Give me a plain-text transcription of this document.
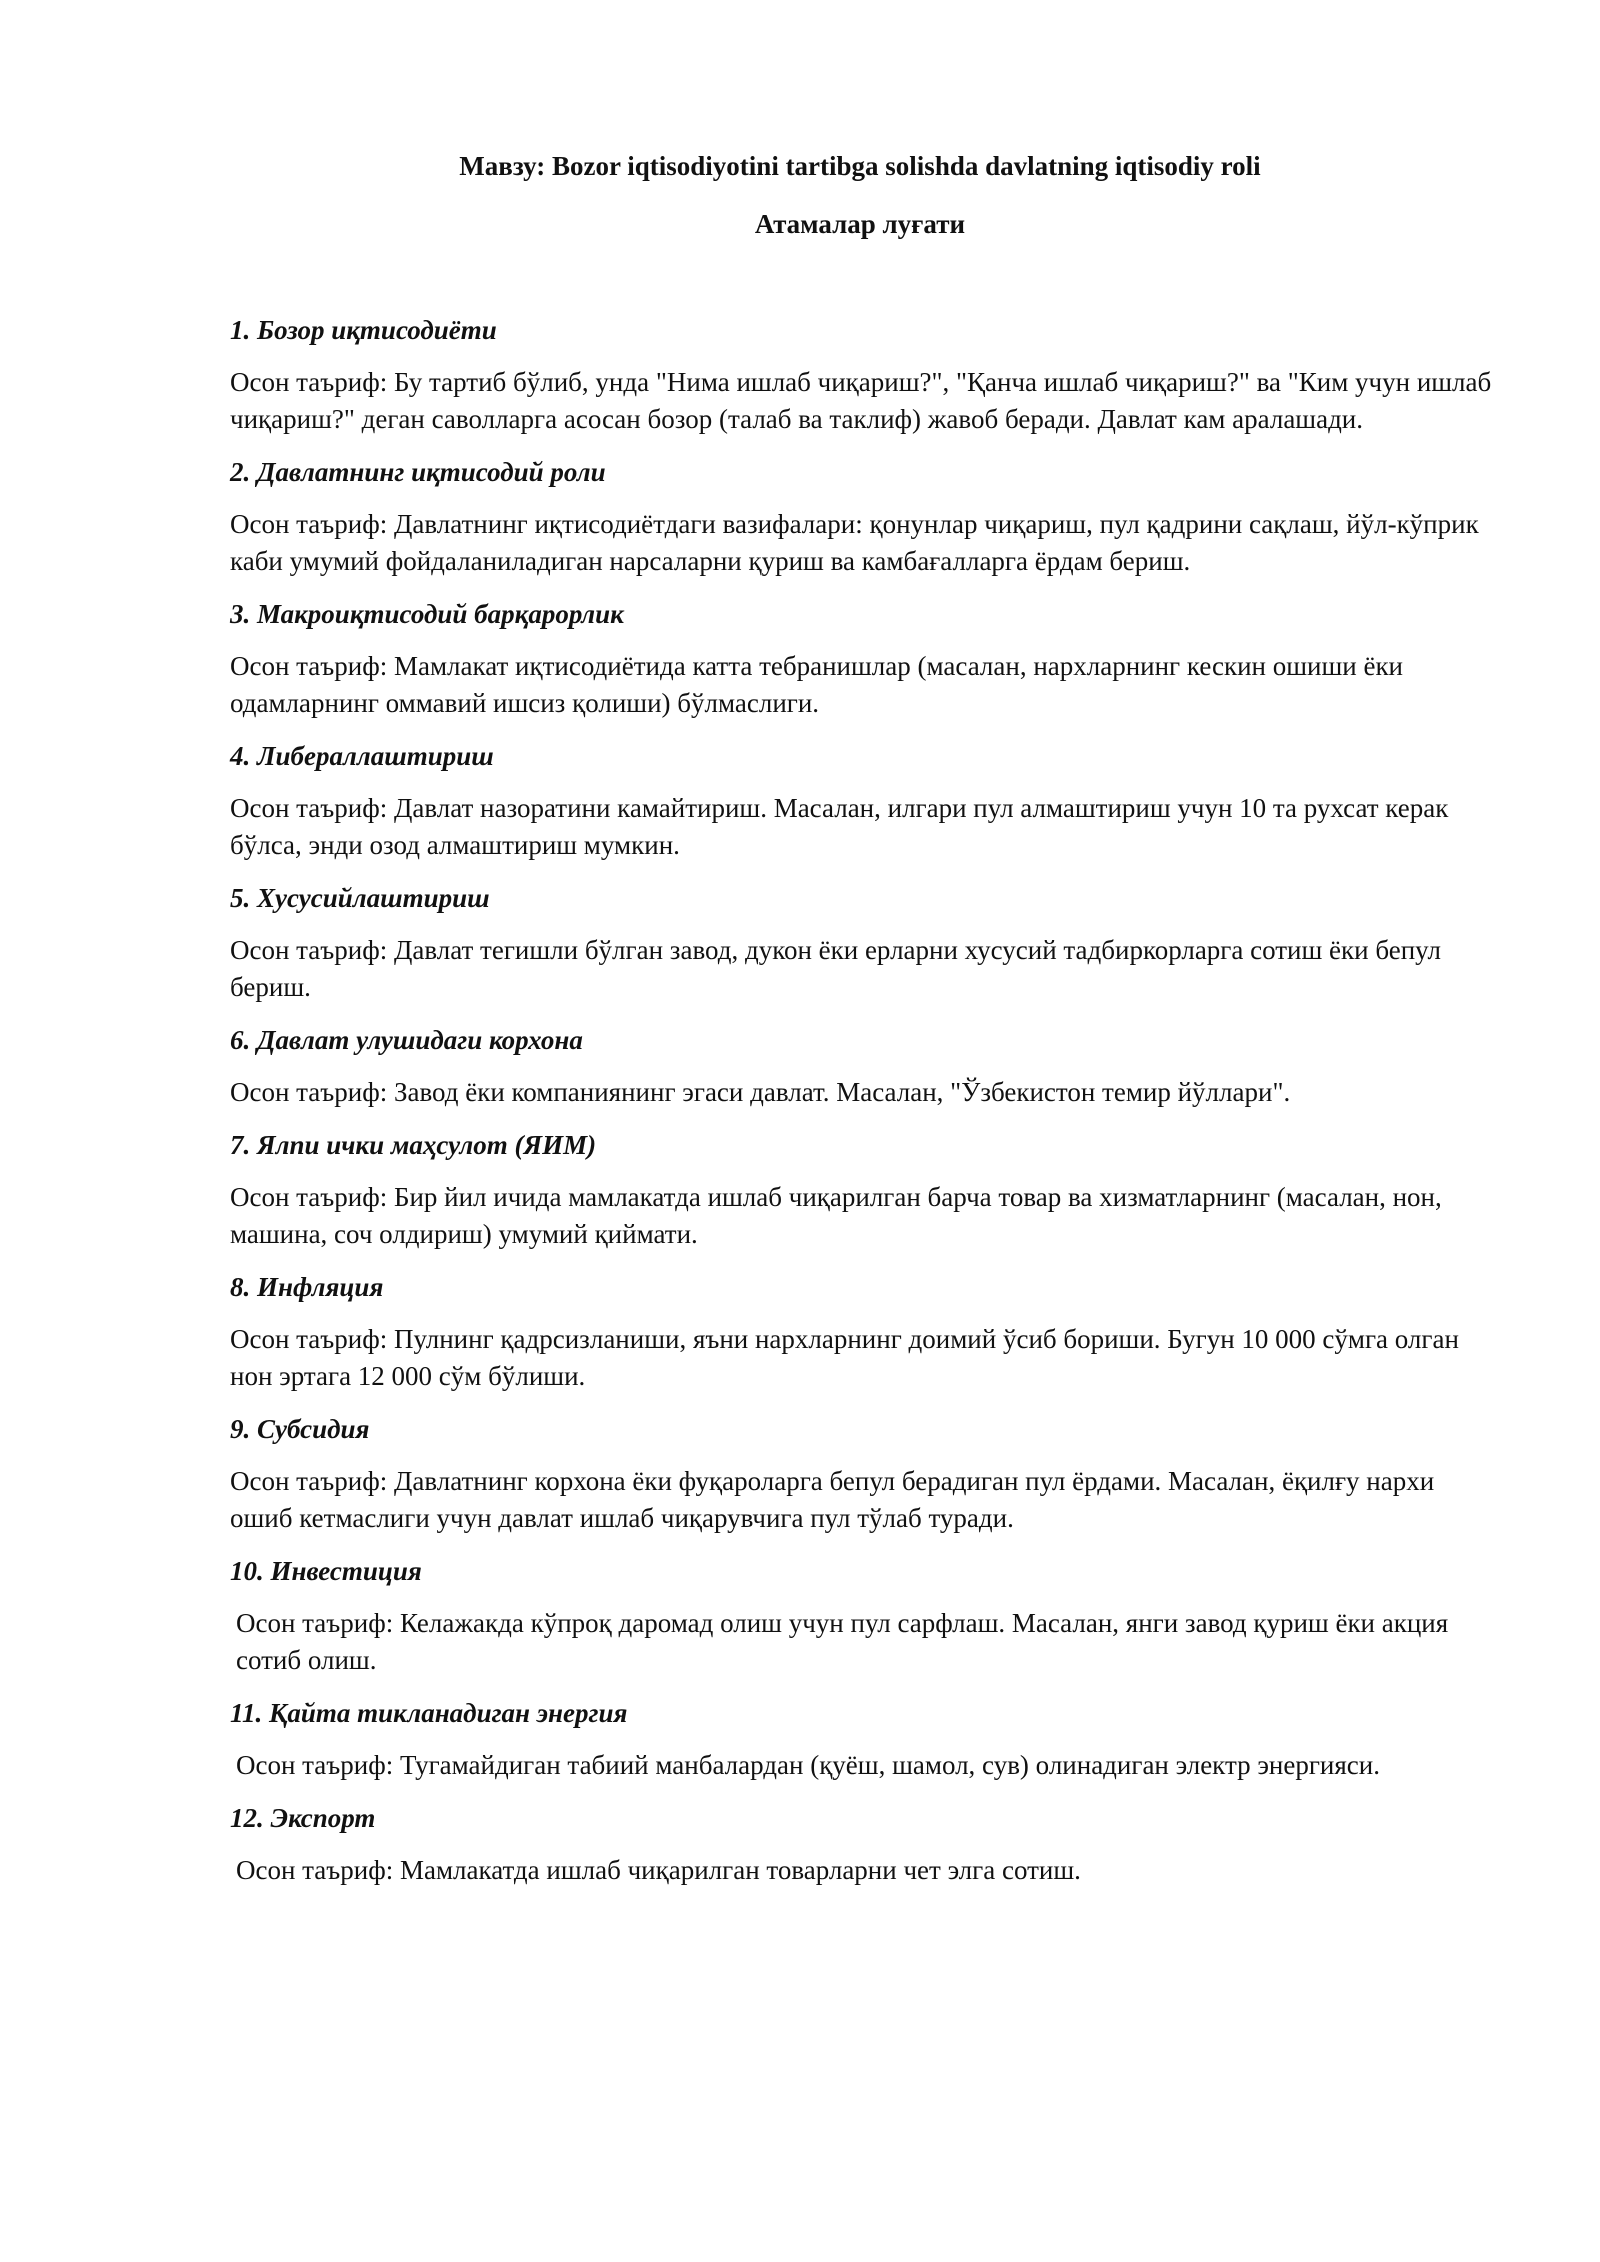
Мавзу: Bozor iqtisodiyotini tartibga solishda davlatning iqtisodiy roli
Атамалар луғати

1. Бозор иқтисодиёти

Осон таъриф: Бу тартиб бўлиб, унда "Нима ишлаб чиқариш?", "Қанча ишлаб чиқариш?" ва "Ким учун ишлаб чиқариш?" деган саволларга асосан бозор (талаб ва таклиф) жавоб беради. Давлат кам аралашади.

2. Давлатнинг иқтисодий роли

Осон таъриф: Давлатнинг иқтисодиётдаги вазифалари: қонунлар чиқариш, пул қадрини сақлаш, йўл-кўприк каби умумий фойдаланиладиган нарсаларни қуриш ва камбағалларга ёрдам бериш.

3. Макроиқтисодий барқарорлик

Осон таъриф: Мамлакат иқтисодиётида катта тебранишлар (масалан, нархларнинг кескин ошиши ёки одамларнинг оммавий ишсиз қолиши) бўлмаслиги.

4. Либераллаштириш

Осон таъриф: Давлат назоратини камайтириш. Масалан, илгари пул алмаштириш учун 10 та рухсат керак бўлса, энди озод алмаштириш мумкин.

5. Хусусийлаштириш

Осон таъриф: Давлат тегишли бўлган завод, дукон ёки ерларни хусусий тадбиркорларга сотиш ёки бепул бериш.

6. Давлат улушидаги корхона

Осон таъриф: Завод ёки компаниянинг эгаси давлат. Масалан, "Ўзбекистон темир йўллари".

7. Ялпи ички маҳсулот (ЯИМ)

Осон таъриф: Бир йил ичида мамлакатда ишлаб чиқарилган барча товар ва хизматларнинг (масалан, нон, машина, соч олдириш) умумий қиймати.

8. Инфляция

Осон таъриф: Пулнинг қадрсизланиши, яъни нархларнинг доимий ўсиб бориши. Бугун 10 000 сўмга олган нон эртага 12 000 сўм бўлиши.

9. Субсидия

Осон таъриф: Давлатнинг корхона ёки фуқароларга бепул берадиган пул ёрдами. Масалан, ёқилғу нархи ошиб кетмаслиги учун давлат ишлаб чиқарувчига пул тўлаб туради.

10. Инвестиция

Осон таъриф: Келажакда кўпроқ даромад олиш учун пул сарфлаш. Масалан, янги завод қуриш ёки акция сотиб олиш.

11. Қайта тикланадиган энергия

Осон таъриф: Тугамайдиган табиий манбалардан (қуёш, шамол, сув) олинадиган электр энергияси.

12. Экспорт

Осон таъриф: Мамлакатда ишлаб чиқарилган товарларни чет элга сотиш.
